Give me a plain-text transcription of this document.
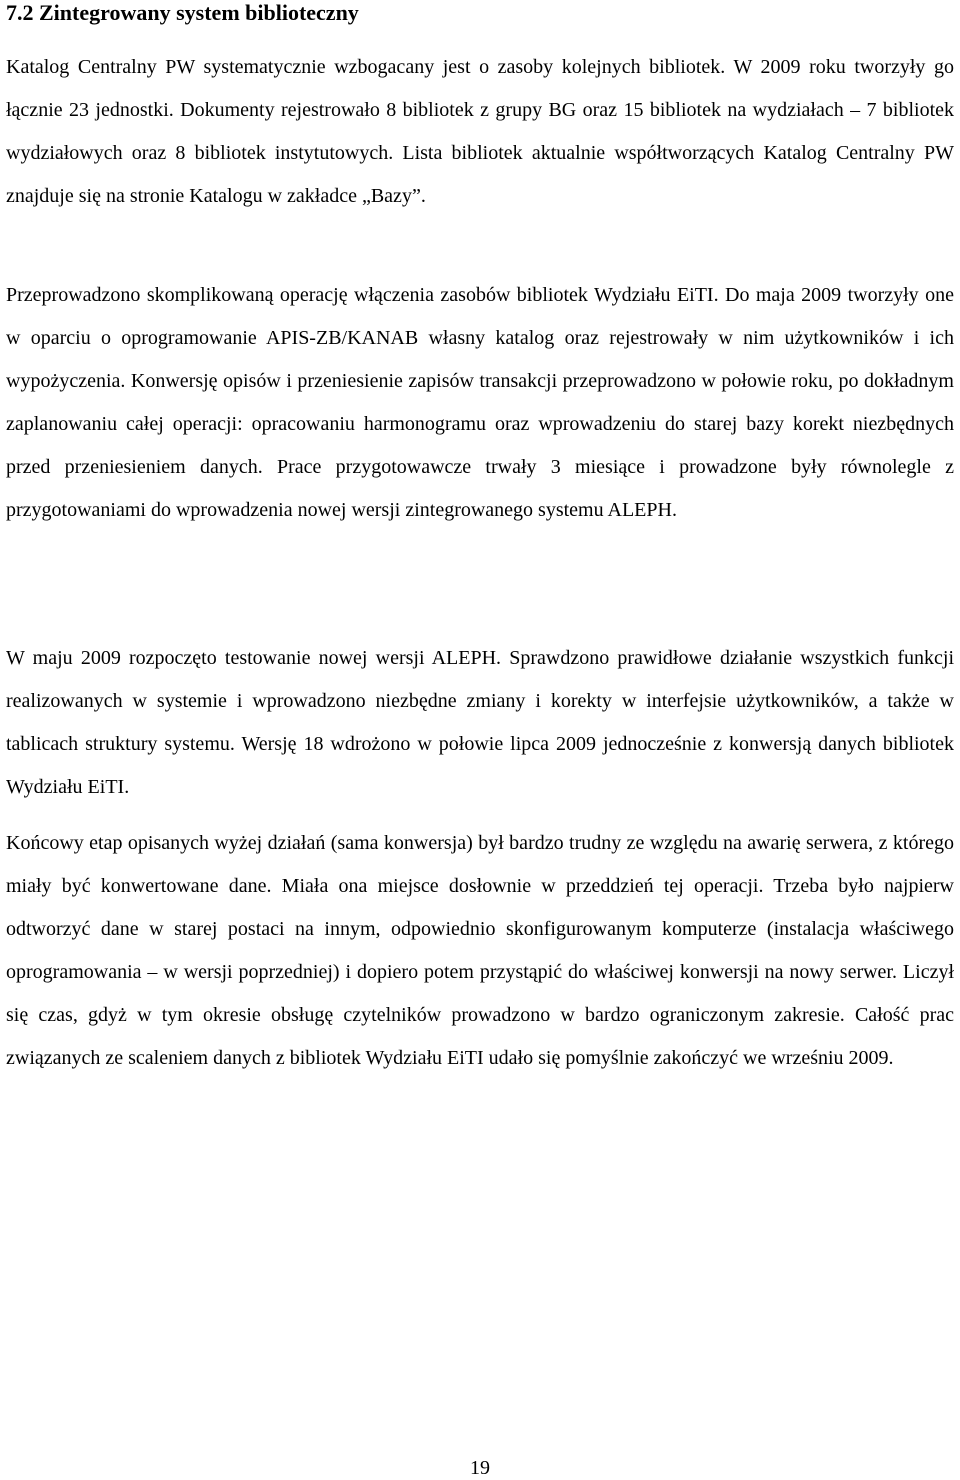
7.2 Zintegrowany system biblioteczny

Katalog Centralny PW systematycznie wzbogacany jest o zasoby kolejnych bibliotek. W 2009 roku tworzyły go łącznie 23 jednostki. Dokumenty rejestrowało 8 bibliotek z grupy BG oraz 15 bibliotek na wydziałach – 7 bibliotek wydziałowych oraz 8 bibliotek instytutowych. Lista bibliotek aktualnie współtworzących Katalog Centralny PW znajduje się na stronie Katalogu w zakładce „Bazy”.

Przeprowadzono skomplikowaną operację włączenia zasobów bibliotek Wydziału EiTI. Do maja 2009 tworzyły one w oparciu o oprogramowanie APIS-ZB/KANAB własny katalog oraz rejestrowały w nim użytkowników i ich wypożyczenia. Konwersję opisów i przeniesienie zapisów transakcji przeprowadzono w połowie roku, po dokładnym zaplanowaniu całej operacji: opracowaniu harmonogramu oraz wprowadzeniu do starej bazy korekt niezbędnych przed przeniesieniem danych. Prace przygotowawcze trwały 3 miesiące i prowadzone były równolegle z przygotowaniami do wprowadzenia nowej wersji zintegrowanego systemu ALEPH.

W maju 2009 rozpoczęto testowanie nowej wersji ALEPH. Sprawdzono prawidłowe działanie wszystkich funkcji realizowanych w systemie i wprowadzono niezbędne zmiany i korekty w interfejsie użytkowników, a także w tablicach struktury systemu. Wersję 18 wdrożono w połowie lipca 2009 jednocześnie z konwersją danych bibliotek Wydziału EiTI.

Końcowy etap opisanych wyżej działań (sama konwersja) był bardzo trudny ze względu na awarię serwera, z którego miały być konwertowane dane. Miała ona miejsce dosłownie w przeddzień tej operacji. Trzeba było najpierw odtworzyć dane w starej postaci na innym, odpowiednio skonfigurowanym komputerze (instalacja właściwego oprogramowania – w wersji poprzedniej) i dopiero potem przystąpić do właściwej konwersji na nowy serwer. Liczył się czas, gdyż w tym okresie obsługę czytelników prowadzono w bardzo ograniczonym zakresie. Całość prac związanych ze scaleniem danych z bibliotek Wydziału EiTI udało się pomyślnie zakończyć we wrześniu 2009.

19
